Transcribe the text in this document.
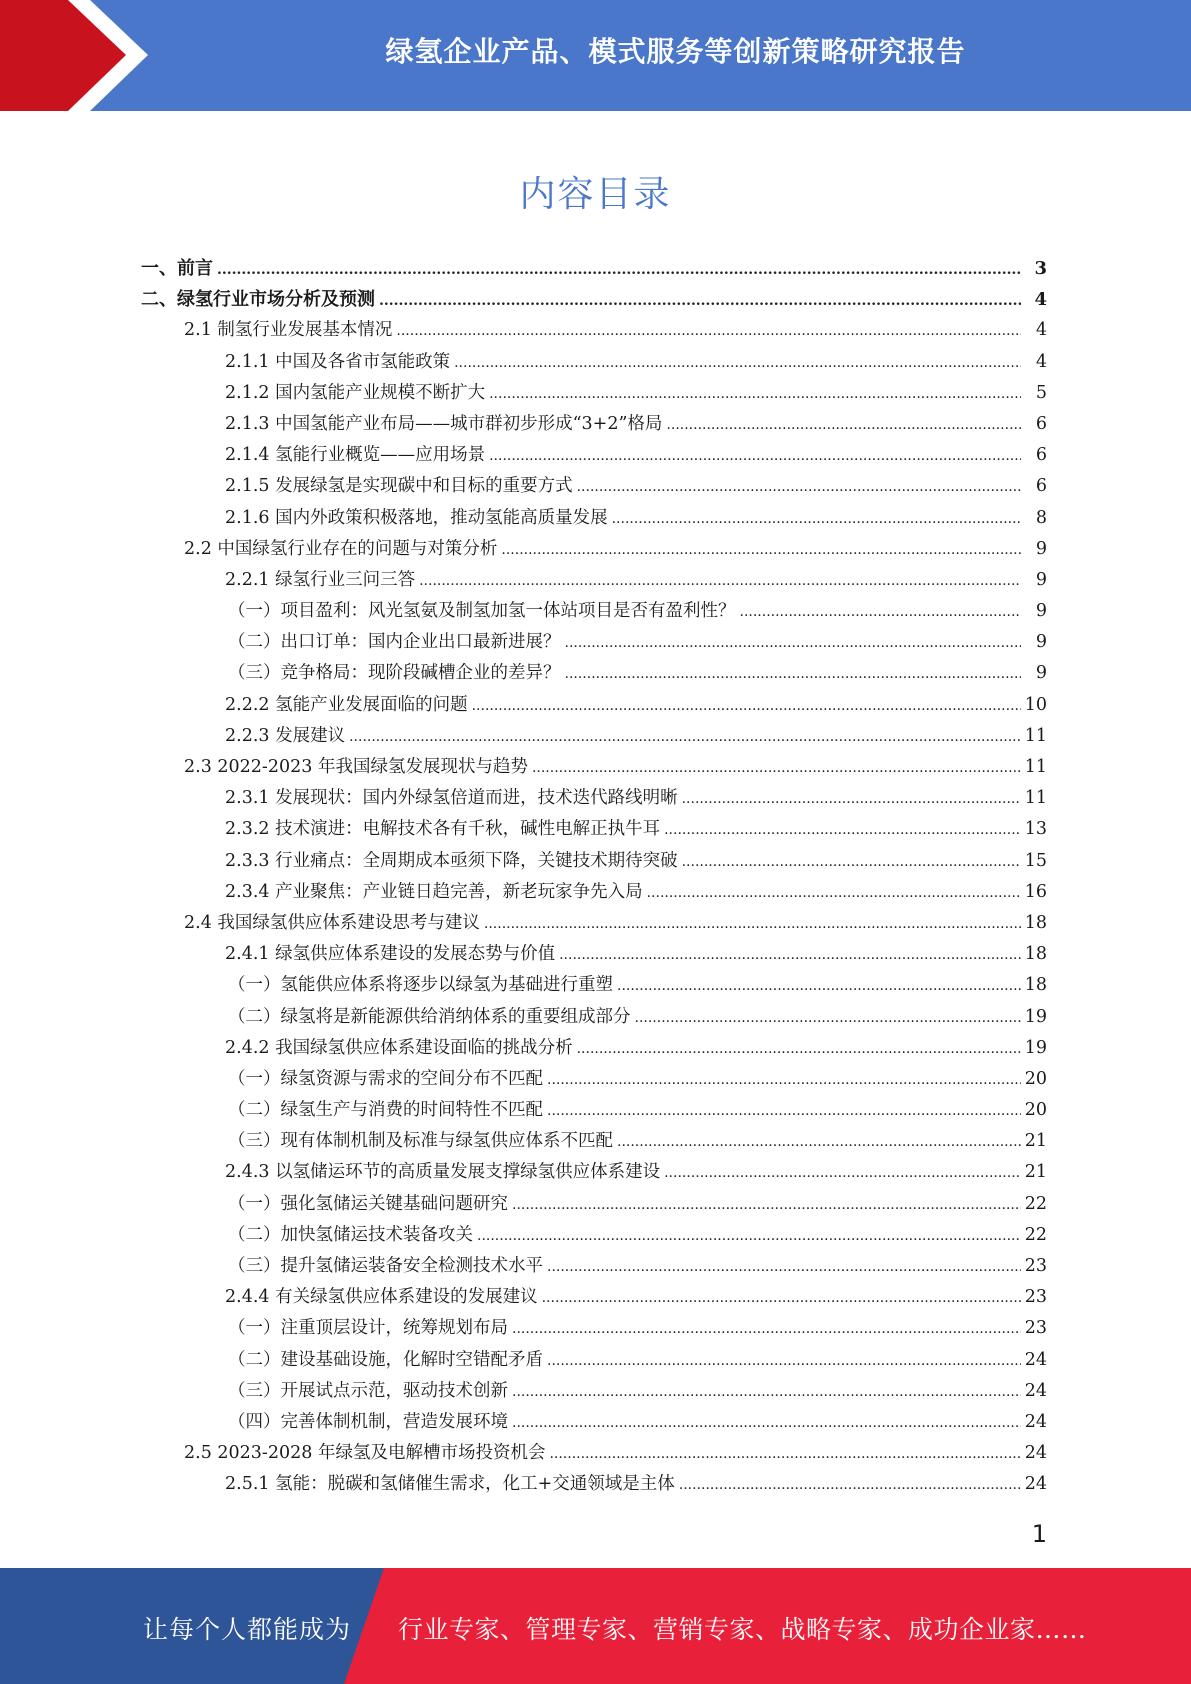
绿氢企业产品、模式服务等创新策略研究报告
内容目录
一、前言 .....	3
二、绿氢行业市场分析及预测 .....	4
2.1 制氢行业发展基本情况 .....	4
2.1.1 中国及各省市氢能政策 .....	4
2.1.2 国内氢能产业规模不断扩大 .....	5
2.1.3 中国氢能产业布局——城市群初步形成“3+2”格局 .....	6
2.1.4 氢能行业概览——应用场景 .....	6
2.1.5 发展绿氢是实现碳中和目标的重要方式 .....	6
2.1.6 国内外政策积极落地，推动氢能高质量发展 .....	8
2.2 中国绿氢行业存在的问题与对策分析 .....	9
2.2.1 绿氢行业三问三答 .....	9
（一）项目盈利：风光氢氨及制氢加氢一体站项目是否有盈利性？ .....	9
（二）出口订单：国内企业出口最新进展？ .....	9
（三）竞争格局：现阶段碱槽企业的差异？ .....	9
2.2.2 氢能产业发展面临的问题 .....	10
2.2.3 发展建议 .....	11
2.3 2022-2023 年我国绿氢发展现状与趋势 .....	11
2.3.1 发展现状：国内外绿氢倍道而进，技术迭代路线明晰 .....	11
2.3.2 技术演进：电解技术各有千秋，碱性电解正执牛耳 .....	13
2.3.3 行业痛点：全周期成本亟须下降，关键技术期待突破 .....	15
2.3.4 产业聚焦：产业链日趋完善，新老玩家争先入局 .....	16
2.4 我国绿氢供应体系建设思考与建议 .....	18
2.4.1 绿氢供应体系建设的发展态势与价值 .....	18
（一）氢能供应体系将逐步以绿氢为基础进行重塑 .....	18
（二）绿氢将是新能源供给消纳体系的重要组成部分 .....	19
2.4.2 我国绿氢供应体系建设面临的挑战分析 .....	19
（一）绿氢资源与需求的空间分布不匹配 .....	20
（二）绿氢生产与消费的时间特性不匹配 .....	20
（三）现有体制机制及标准与绿氢供应体系不匹配 .....	21
2.4.3 以氢储运环节的高质量发展支撑绿氢供应体系建设 .....	21
（一）强化氢储运关键基础问题研究 .....	22
（二）加快氢储运技术装备攻关 .....	22
（三）提升氢储运装备安全检测技术水平 .....	23
2.4.4 有关绿氢供应体系建设的发展建议 .....	23
（一）注重顶层设计，统筹规划布局 .....	23
（二）建设基础设施，化解时空错配矛盾 .....	24
（三）开展试点示范，驱动技术创新 .....	24
（四）完善体制机制，营造发展环境 .....	24
2.5 2023-2028 年绿氢及电解槽市场投资机会 .....	24
2.5.1 氢能：脱碳和氢储催生需求，化工+交通领域是主体 .....	24
1
让每个人都能成为 行业专家、管理专家、营销专家、战略专家、成功企业家……
